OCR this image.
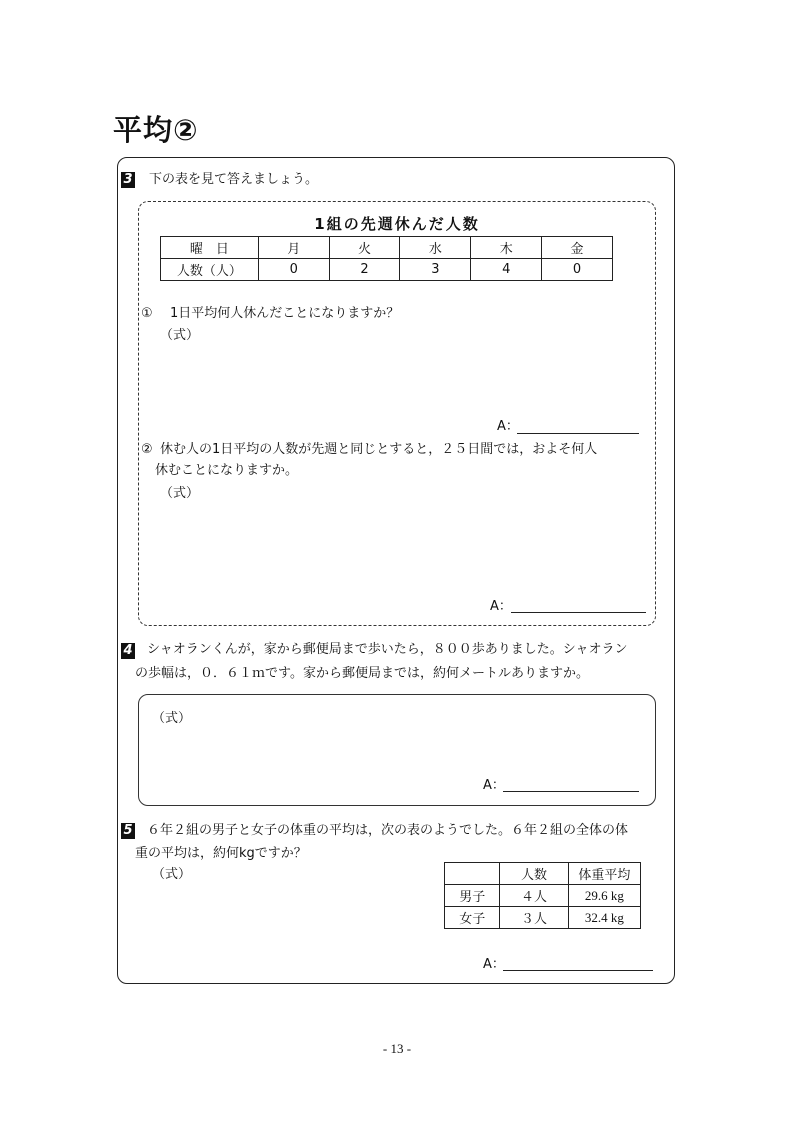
平均②
3 下の表を見て答えましょう。
1組の先週休んだ人数
曜　日	月	火	水	木	金
人数（人）	0	2	3	4	0
① 1日平均何人休んだことになりますか？
（式）
A：
② 休む人の1日平均の人数が先週と同じとすると，２５日間では，およそ何人
休むことになりますか。
（式）
A：
4 シャオランくんが，家から郵便局まで歩いたら，８００歩ありました。シャオラン
の歩幅は，０．６１ｍです。家から郵便局までは，約何メートルありますか。
（式）
A：
5 ６年２組の男子と女子の体重の平均は，次の表のようでした。６年２組の全体の体
重の平均は，約何kgですか？
（式）
		人数	体重平均
男子	４人	29.6 kg
女子	３人	32.4 kg
A：
- 13 -
